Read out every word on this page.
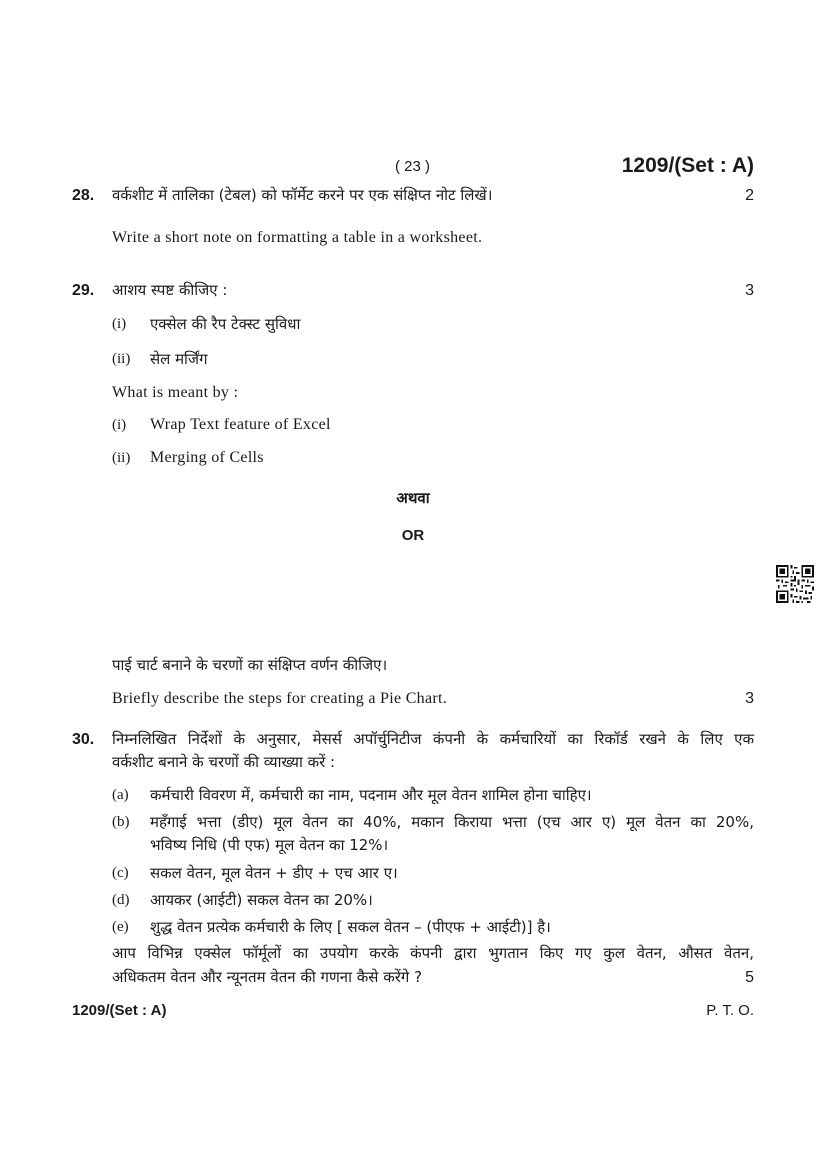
( 23 )	1209/(Set : A)
28. वर्कशीट में तालिका (टेबल) को फॉर्मेट करने पर एक संक्षिप्त नोट लिखें।	2
Write a short note on formatting a table in a worksheet.
29. आशय स्पष्ट कीजिए :	3
(i) एक्सेल की रैप टेक्स्ट सुविधा
(ii) सेल मर्जिंग
What is meant by :
(i) Wrap Text feature of Excel
(ii) Merging of Cells
अथवा
OR
पाई चार्ट बनाने के चरणों का संक्षिप्त वर्णन कीजिए।
Briefly describe the steps for creating a Pie Chart.	3
30. निम्नलिखित निर्देशों के अनुसार, मेसर्स अपॉर्चुनिटीज कंपनी के कर्मचारियों का रिकॉर्ड रखने के लिए एक
वर्कशीट बनाने के चरणों की व्याख्या करें :
(a) कर्मचारी विवरण में, कर्मचारी का नाम, पदनाम और मूल वेतन शामिल होना चाहिए।
(b) महँगाई भत्ता (डीए) मूल वेतन का 40%, मकान किराया भत्ता (एच आर ए) मूल वेतन का 20%,
भविष्य निधि (पी एफ) मूल वेतन का 12%।
(c) सकल वेतन, मूल वेतन + डीए + एच आर ए।
(d) आयकर (आईटी) सकल वेतन का 20%।
(e) शुद्ध वेतन प्रत्येक कर्मचारी के लिए [ सकल वेतन – (पीएफ + आईटी)] है।
आप विभिन्न एक्सेल फॉर्मूलों का उपयोग करके कंपनी द्वारा भुगतान किए गए कुल वेतन, औसत वेतन,
अधिकतम वेतन और न्यूनतम वेतन की गणना कैसे करेंगे ?	5
1209/(Set : A)	P. T. O.
